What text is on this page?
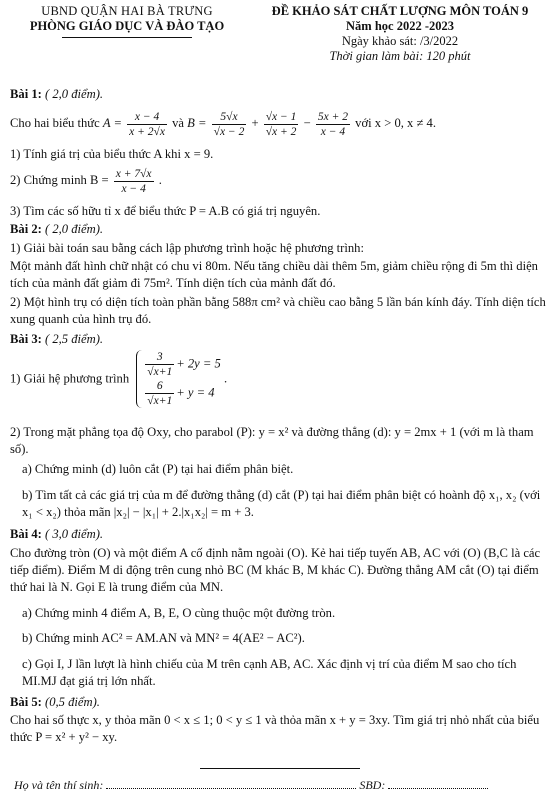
UBND QUẬN HAI BÀ TRƯNG
PHÒNG GIÁO DỤC VÀ ĐÀO TẠO
ĐỀ KHẢO SÁT CHẤT LƯỢNG MÔN TOÁN 9
Năm học 2022 -2023
Ngày khảo sát: /3/2022
Thời gian làm bài: 120 phút
Bài 1: ( 2,0 điểm).
Cho hai biểu thức $A = \frac{x - 4}{x + 2√x}$ và $B = \frac{5√x}{√x - 2} + \frac{√x - 1}{√x + 2} - \frac{5x + 2}{x - 4}$ với x > 0, x ≠ 4.
1) Tính giá trị của biểu thức A khi x = 9.
2) Chứng minh $B = \frac{x + 7√x}{x - 4}$ .
3) Tìm các số hữu tỉ x để biểu thức P = A.B có giá trị nguyên.
Bài 2: ( 2,0 điểm).
1) Giải bài toán sau bằng cách lập phương trình hoặc hệ phương trình:
Một mảnh đất hình chữ nhật có chu vi 80m. Nếu tăng chiều dài thêm 5m, giảm chiều rộng đi 5m thì diện tích của mảnh đất giảm đi 75m². Tính diện tích của mảnh đất đó.
2) Một hình trụ có diện tích toàn phần bằng 588π cm² và chiều cao bằng 5 lần bán kính đáy. Tính diện tích xung quanh của hình trụ đó.
Bài 3: ( 2,5 điểm).
1) Giải hệ phương trình $\frac{3}{√x+1} + 2y = 5$
$\frac{6}{√x+1} + y = 4$
.
2) Trong mặt phẳng tọa độ Oxy, cho parabol (P): y = x² và đường thẳng (d): y = 2mx + 1 (với m là tham số).
a) Chứng minh (d) luôn cắt (P) tại hai điểm phân biệt.
b) Tìm tất cả các giá trị của m để đường thẳng (d) cắt (P) tại hai điểm phân biệt có hoành độ x₁, x₂ (với x₁ < x₂) thỏa mãn |x₂| − |x₁| + 2.|x₁x₂| = m + 3.
Bài 4: ( 3,0 điểm).
Cho đường tròn (O) và một điểm A cố định nằm ngoài (O). Kẻ hai tiếp tuyến AB, AC với (O) (B,C là các tiếp điểm). Điểm M di động trên cung nhỏ BC (M khác B, M khác C). Đường thẳng AM cắt (O) tại điểm thứ hai là N. Gọi E là trung điểm của MN.
a) Chứng minh 4 điểm A, B, E, O cùng thuộc một đường tròn.
b) Chứng minh AC² = AM.AN và MN² = 4(AE² − AC²).
c) Gọi I, J lần lượt là hình chiếu của M trên cạnh AB, AC. Xác định vị trí của điểm M sao cho tích MI.MJ đạt giá trị lớn nhất.
Bài 5: (0,5 điểm).
Cho hai số thực x, y thỏa mãn 0 < x ≤ 1; 0 < y ≤ 1 và thỏa mãn x + y = 3xy. Tìm giá trị nhỏ nhất của biểu thức P = x² + y² − xy.
Họ và tên thí sinh:	SBD:
